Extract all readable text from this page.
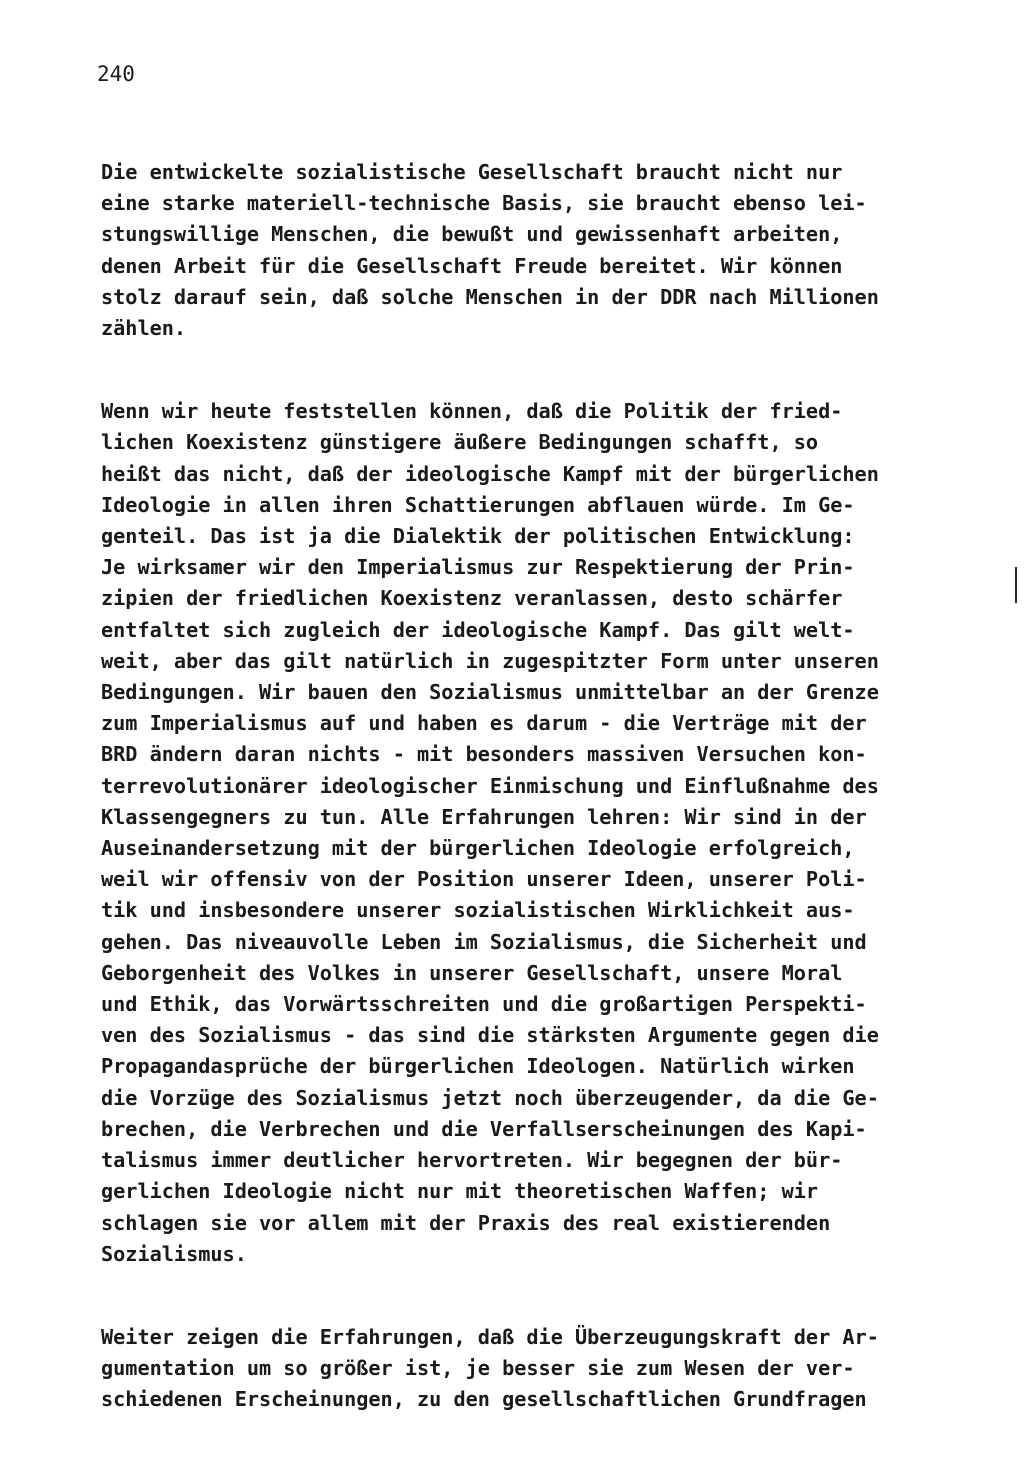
240
Die entwickelte sozialistische Gesellschaft braucht nicht nur
eine starke materiell-technische Basis, sie braucht ebenso lei-
stungswillige Menschen, die bewußt und gewissenhaft arbeiten,
denen Arbeit für die Gesellschaft Freude bereitet. Wir können
stolz darauf sein, daß solche Menschen in der DDR nach Millionen
zählen.
Wenn wir heute feststellen können, daß die Politik der fried-
lichen Koexistenz günstigere äußere Bedingungen schafft, so
heißt das nicht, daß der ideologische Kampf mit der bürgerlichen
Ideologie in allen ihren Schattierungen abflauen würde. Im Ge-
genteil. Das ist ja die Dialektik der politischen Entwicklung:
Je wirksamer wir den Imperialismus zur Respektierung der Prin-
zipien der friedlichen Koexistenz veranlassen, desto schärfer
entfaltet sich zugleich der ideologische Kampf. Das gilt welt-
weit, aber das gilt natürlich in zugespitzter Form unter unseren
Bedingungen. Wir bauen den Sozialismus unmittelbar an der Grenze
zum Imperialismus auf und haben es darum - die Verträge mit der
BRD ändern daran nichts - mit besonders massiven Versuchen kon-
terrevolutionärer ideologischer Einmischung und Einflußnahme des
Klassengegners zu tun. Alle Erfahrungen lehren: Wir sind in der
Auseinandersetzung mit der bürgerlichen Ideologie erfolgreich,
weil wir offensiv von der Position unserer Ideen, unserer Poli-
tik und insbesondere unserer sozialistischen Wirklichkeit aus-
gehen. Das niveauvolle Leben im Sozialismus, die Sicherheit und
Geborgenheit des Volkes in unserer Gesellschaft, unsere Moral
und Ethik, das Vorwärtsschreiten und die großartigen Perspekti-
ven des Sozialismus - das sind die stärksten Argumente gegen die
Propagandasprüche der bürgerlichen Ideologen. Natürlich wirken
die Vorzüge des Sozialismus jetzt noch überzeugender, da die Ge-
brechen, die Verbrechen und die Verfallserscheinungen des Kapi-
talismus immer deutlicher hervortreten. Wir begegnen der bür-
gerlichen Ideologie nicht nur mit theoretischen Waffen; wir
schlagen sie vor allem mit der Praxis des real existierenden
Sozialismus.
Weiter zeigen die Erfahrungen, daß die Überzeugungskraft der Ar-
gumentation um so größer ist, je besser sie zum Wesen der ver-
schiedenen Erscheinungen, zu den gesellschaftlichen Grundfragen
